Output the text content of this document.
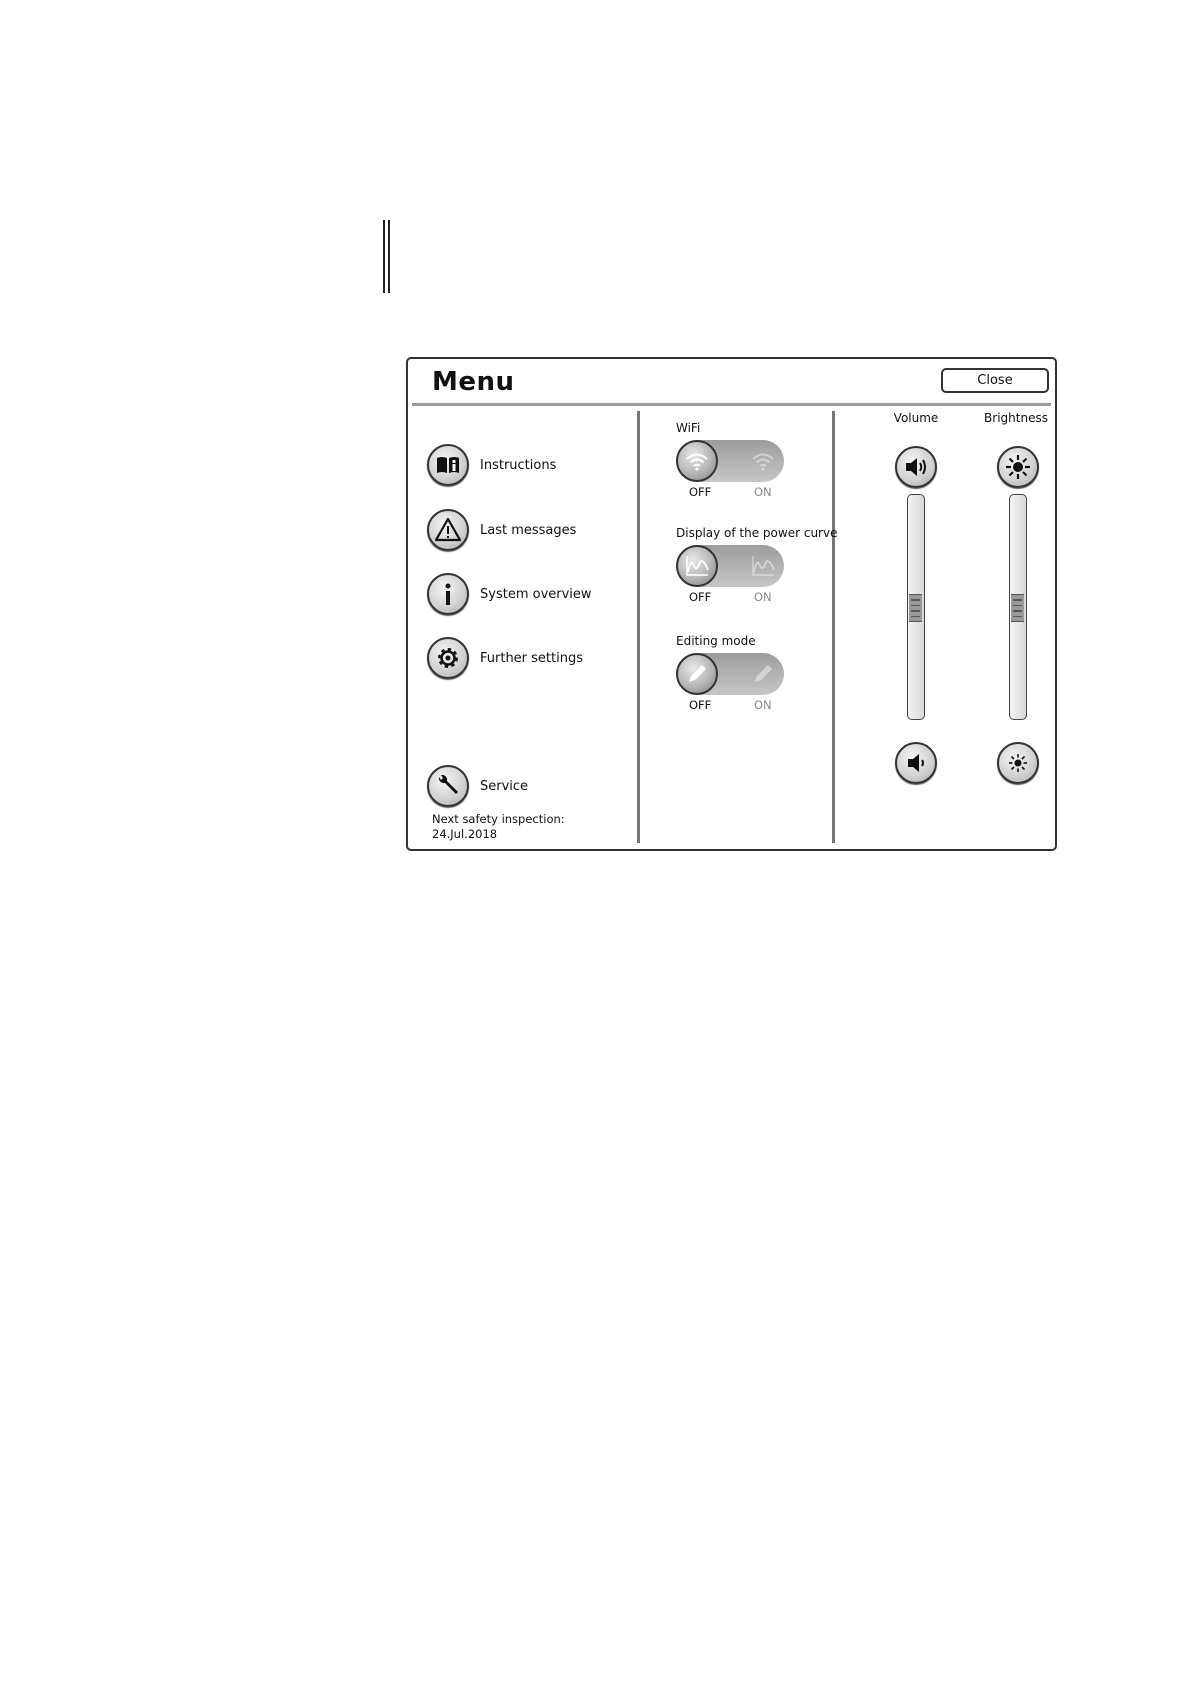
Menu	Close
Instructions
Last messages
System overview
Further settings
Service
Next safety inspection:
24.Jul.2018
WiFi
OFF	ON
Display of the power curve
OFF	ON
Editing mode
OFF	ON
Volume	Brightness
